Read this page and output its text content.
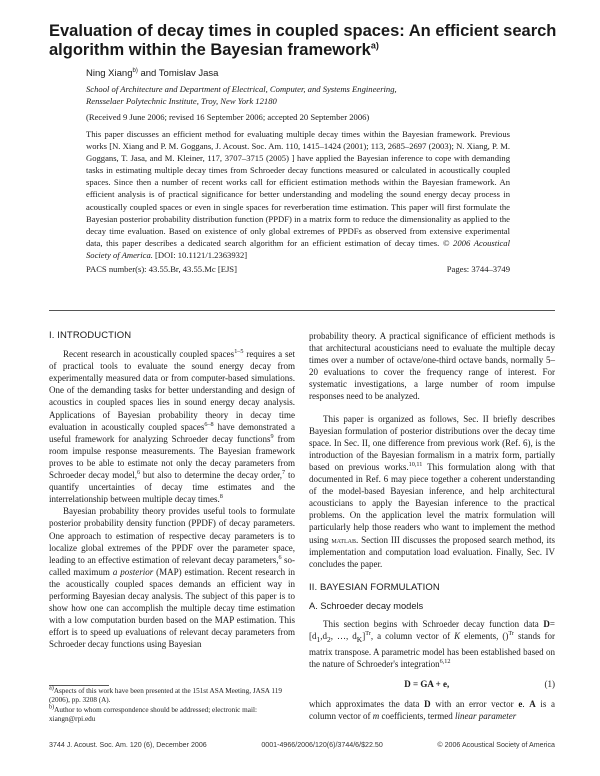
Evaluation of decay times in coupled spaces: An efficient search algorithm within the Bayesian framework$^{a)}$
Ning Xiang$^{b)}$ and Tomislav Jasa
School of Architecture and Department of Electrical, Computer, and Systems Engineering,
Rensselaer Polytechnic Institute, Troy, New York 12180
(Received 9 June 2006; revised 16 September 2006; accepted 20 September 2006)

This paper discusses an efficient method for evaluating multiple decay times within the Bayesian framework. Previous works [N. Xiang and P. M. Goggans, J. Acoust. Soc. Am. 110, 1415–1424 (2001); 113, 2685–2697 (2003); N. Xiang, P. M. Goggans, T. Jasa, and M. Kleiner, 117, 3707–3715 (2005) ] have applied the Bayesian inference to cope with demanding tasks in estimating multiple decay times from Schroeder decay functions measured or calculated in acoustically coupled spaces. Since then a number of recent works call for efficient estimation methods within the Bayesian framework. An efficient analysis is of practical significance for better understanding and modeling the sound energy decay process in acoustically coupled spaces or even in single spaces for reverberation time estimation. This paper will first formulate the Bayesian posterior probability distribution function (PPDF) in a matrix form to reduce the dimensionality as applied to the decay time evaluation. Based on existence of only global extremes of PPDFs as observed from extensive experimental data, this paper describes a dedicated search algorithm for an efficient estimation of decay times. © 2006 Acoustical Society of America. [DOI: 10.1121/1.2363932]

PACS number(s): 43.55.Br, 43.55.Mc [EJS]	Pages: 3744–3749
I. INTRODUCTION

Recent research in acoustically coupled spaces$^{1-5}$ requires a set of practical tools to evaluate the sound energy decay from experimentally measured data or from computer-based simulations. One of the demanding tasks for better understanding and design of acoustics in coupled spaces lies in sound energy decay analysis. Applications of Bayesian probability theory in decay time evaluation in acoustically coupled spaces$^{6-8}$ have demonstrated a useful framework for analyzing Schroeder decay functions$^9$ from room impulse response measurements. The Bayesian framework proves to be able to estimate not only the decay parameters from Schroeder decay model,$^6$ but also to determine the decay order,$^7$ to quantify uncertainties of decay time estimates and the interrelationship between multiple decay times.$^8$

Bayesian probability theory provides useful tools to formulate posterior probability density function (PPDF) of decay parameters. One approach to estimation of respective decay parameters is to localize global extremes of the PPDF over the parameter space, leading to an effective estimation of relevant decay parameters,$^6$ so-called maximum a posterior (MAP) estimation. Recent research in the acoustically coupled spaces demands an efficient way in performing Bayesian decay analysis. The subject of this paper is to show how one can accomplish the multiple decay time estimation with a low computation burden based on the MAP estimation. This effort is to speed up evaluations of relevant decay parameters from Schroeder decay functions using Bayesian

$^{a)}$Aspects of this work have been presented at the 151st ASA Meeting, JASA 119 (2006), pp. 3208 (A).
$^{b)}$Author to whom correspondence should be addressed; electronic mail: xiangn@rpi.edu

probability theory. A practical significance of efficient methods is that architectural acousticians need to evaluate the multiple decay times over a number of octave/one-third octave bands, normally 5–20 evaluations to cover the frequency range of interest. For systematic investigations, a large number of room impulse responses need to be analyzed.

This paper is organized as follows, Sec. II briefly describes Bayesian formulation of posterior distributions over the decay time space. In Sec. II, one difference from previous work (Ref. 6), is the introduction of the Bayesian formalism in a matrix form, partially based on previous works.$^{10,11}$ This formulation along with that documented in Ref. 6 may piece together a coherent understanding of the model-based Bayesian inference, and help architectural acousticians to apply the Bayesian inference to the practical problems. On the application level the matrix formulation will particularly help those readers who want to implement the method using matlab. Section III discusses the proposed search method, its implementation and computation load evaluation. Finally, Sec. IV concludes the paper.

II. BAYESIAN FORMULATION
A. Schroeder decay models

This section begins with Schroeder decay function data $D=[d_1,d_2$, …, $d_K]^{Tr}$, a column vector of K elements, ()$^{Tr}$ stands for matrix transpose. A parametric model has been established based on the nature of Schroeder's integration$^{6,12}$

D = GA + e,	(1)

which approximates the data D with an error vector e. A is a column vector of m coefficients, termed linear parameter

3744 J. Acoust. Soc. Am. 120 (6), December 2006	0001-4966/2006/120(6)/3744/6/$22.50	© 2006 Acoustical Society of America
